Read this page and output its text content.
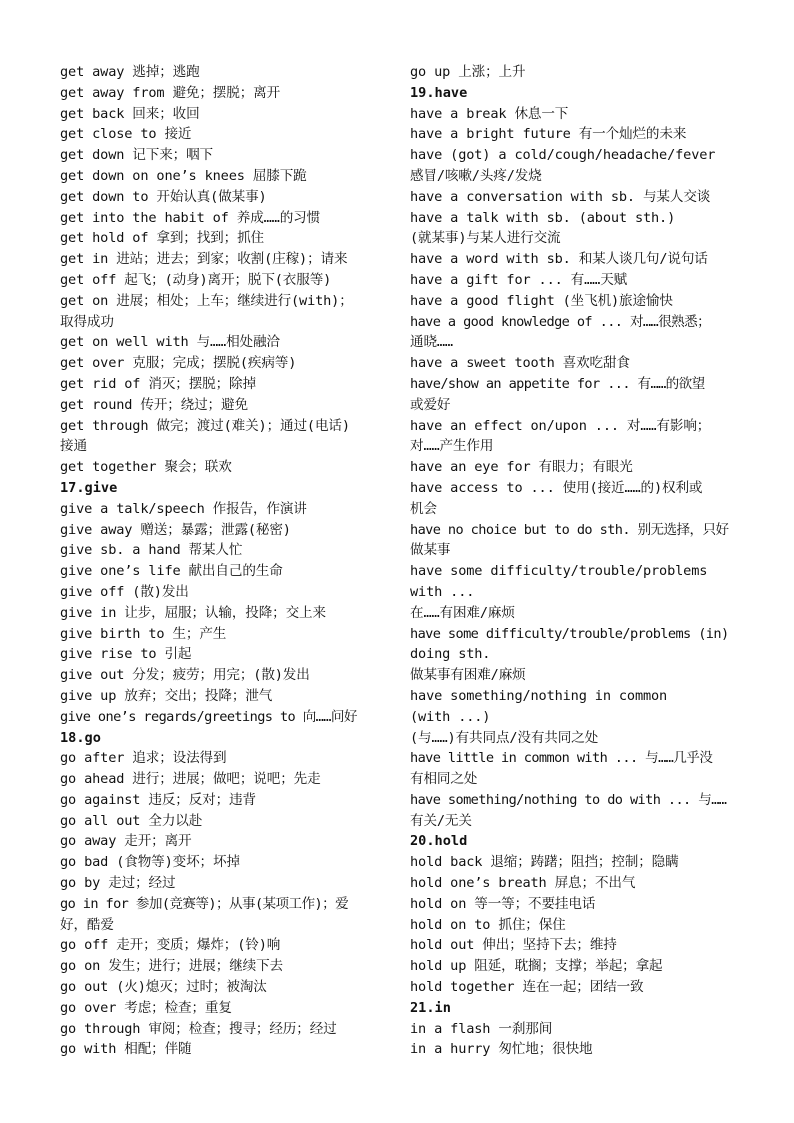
get away 逃掉；逃跑
get away from 避免；摆脱；离开
get back 回来；收回
get close to 接近
get down 记下来；咽下
get down on one’s knees 屈膝下跪
get down to 开始认真(做某事)
get into the habit of 养成……的习惯
get hold of 拿到；找到；抓住
get in 进站；进去；到家；收割(庄稼)；请来
get off 起飞；(动身)离开；脱下(衣服等)
get on 进展；相处；上车；继续进行(with)；
取得成功
get on well with 与……相处融洽
get over 克服；完成；摆脱(疾病等)
get rid of 消灭；摆脱；除掉
get round 传开；绕过；避免
get through 做完；渡过(难关)；通过(电话)
接通
get together 聚会；联欢
17.give
give a talk/speech 作报告，作演讲
give away 赠送；暴露；泄露(秘密)
give sb. a hand 帮某人忙
give one’s life 献出自己的生命
give off (散)发出
give in 让步，屈服；认输，投降；交上来
give birth to 生；产生
give rise to 引起
give out 分发；疲劳；用完；(散)发出
give up 放弃；交出；投降；泄气
give one’s regards/greetings to 向……问好
18.go
go after 追求；设法得到
go ahead 进行；进展；做吧；说吧；先走
go against 违反；反对；违背
go all out 全力以赴
go away 走开；离开
go bad (食物等)变坏；坏掉
go by 走过；经过
go in for 参加(竞赛等)；从事(某项工作)；爱
好，酷爱
go off 走开；变质；爆炸；(铃)响
go on 发生；进行；进展；继续下去
go out (火)熄灭；过时；被淘汰
go over 考虑；检查；重复
go through 审阅；检查；搜寻；经历；经过
go with 相配；伴随
go up 上涨；上升
19.have
have a break 休息一下
have a bright future 有一个灿烂的未来
have (got) a cold/cough/headache/fever
感冒/咳嗽/头疼/发烧
have a conversation with sb. 与某人交谈
have a talk with sb. (about sth.)
(就某事)与某人进行交流
have a word with sb. 和某人谈几句/说句话
have a gift for ... 有……天赋
have a good flight (坐飞机)旅途愉快
have a good knowledge of ... 对……很熟悉；
通晓……
have a sweet tooth 喜欢吃甜食
have/show an appetite for ... 有……的欲望
或爱好
have an effect on/upon ... 对……有影响；
对……产生作用
have an eye for 有眼力；有眼光
have access to ... 使用(接近……的)权利或
机会
have no choice but to do sth. 别无选择，只好
做某事
have some difficulty/trouble/problems
with ...
在……有困难/麻烦
have some difficulty/trouble/problems (in)
doing sth.
做某事有困难/麻烦
have something/nothing in common
(with ...)
(与……)有共同点/没有共同之处
have little in common with ... 与……几乎没
有相同之处
have something/nothing to do with ... 与……
有关/无关
20.hold
hold back 退缩；踌躇；阻挡；控制；隐瞒
hold one’s breath 屏息；不出气
hold on 等一等；不要挂电话
hold on to 抓住；保住
hold out 伸出；坚持下去；维持
hold up 阻延，耽搁；支撑；举起；拿起
hold together 连在一起；团结一致
21.in
in a flash 一刹那间
in a hurry 匆忙地；很快地
